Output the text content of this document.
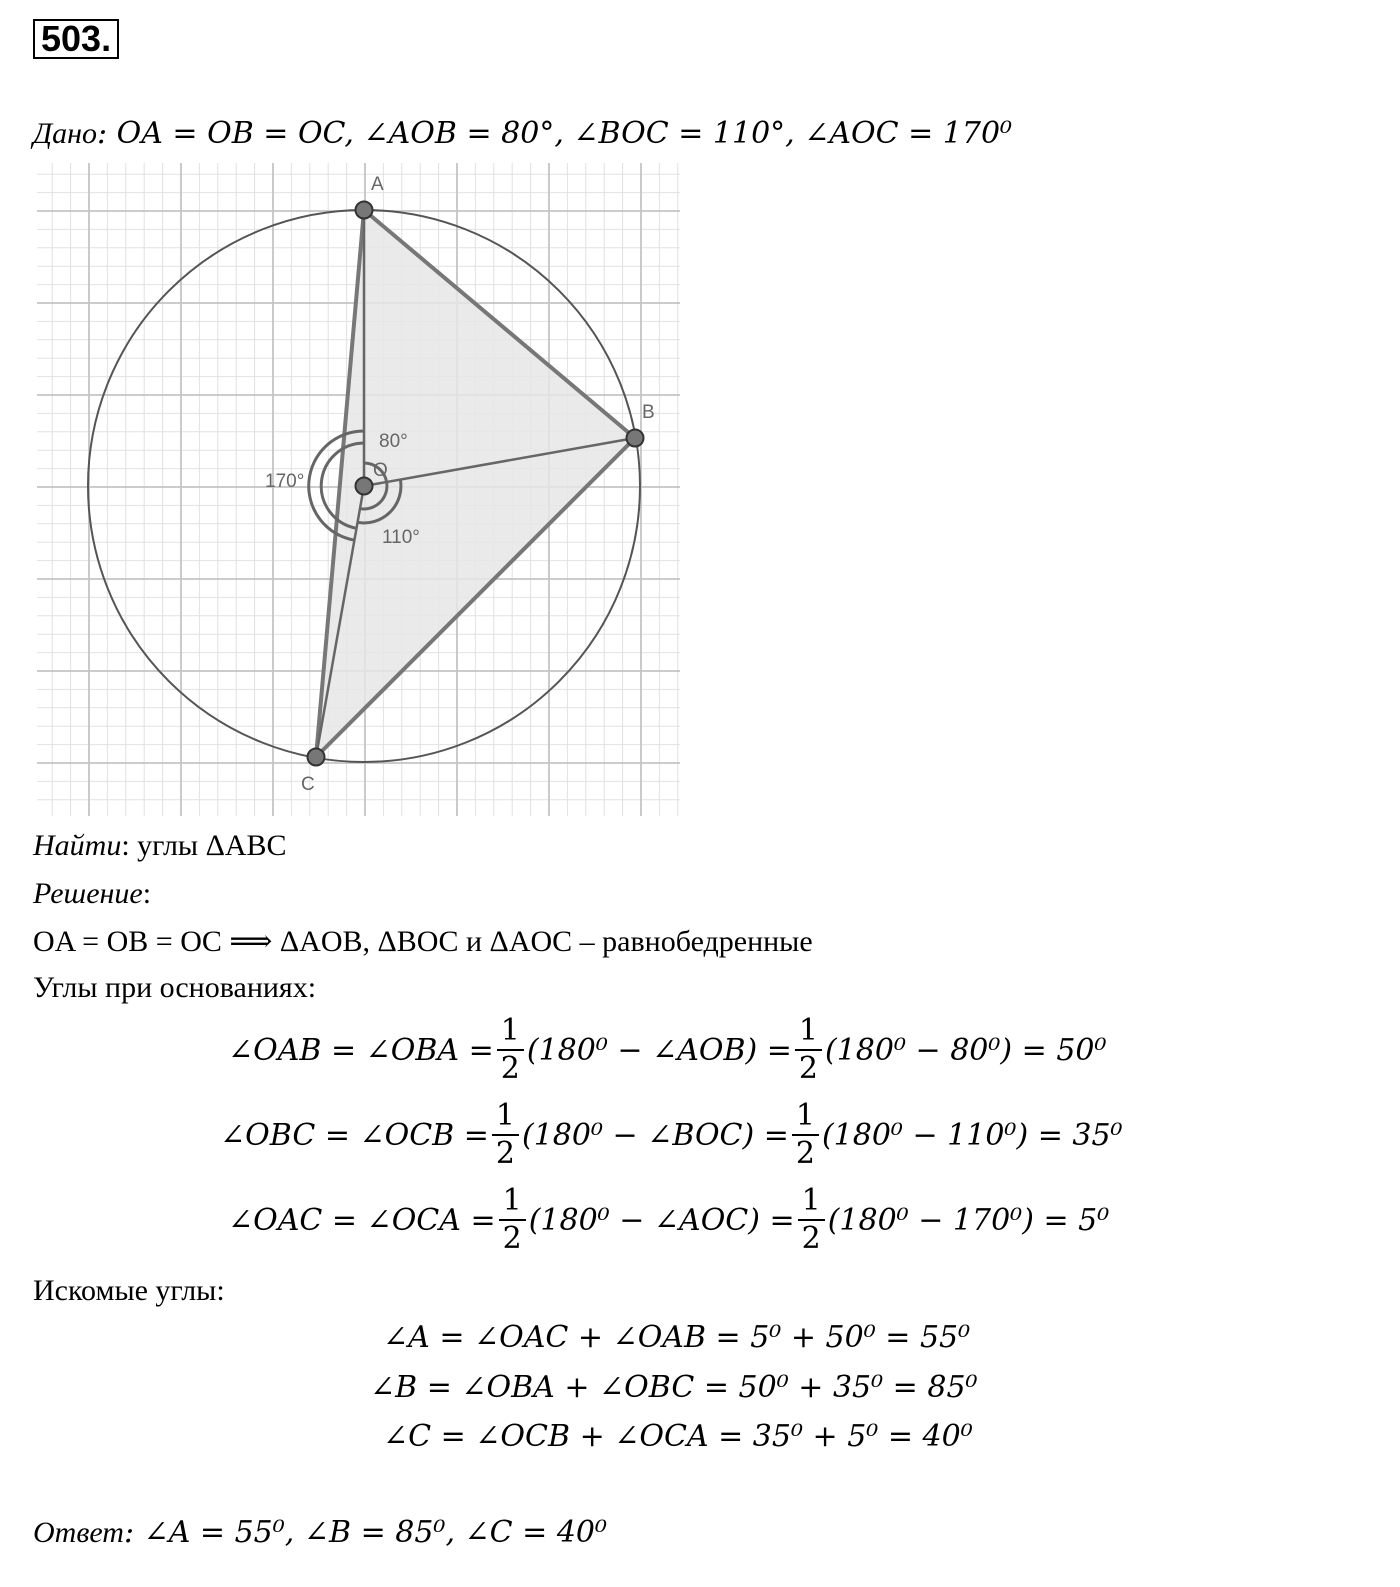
503.
Дано: OA = OB = OC, ∠AOB = 80°, ∠BOC = 110°, ∠AOC = 170⁰
A
B
C
O
80°
110°
170°
Найти: углы ΔABC
Решение:
OA = OB = OC ⟹ ΔAOB, ΔBOC и ΔAOC – равнобедренные
Углы при основаниях:
∠OAB = ∠OBA = $\frac{1}{2} (180^0$ − ∠AOB) = $\frac{1}{2} (180^0 - 80^0) = 50^0$
∠OBC = ∠OCB = $\frac{1}{2} (180^0$ − ∠BOC) = $\frac{1}{2} (180^0 - 110^0) = 35^0$
∠OAC = ∠OCA = $\frac{1}{2} (180^0$ − ∠AOC) = $\frac{1}{2} (180^0 - 170^0) = 5^0$
Искомые углы:
∠A = ∠OAC + ∠OAB = 5⁰ + 50⁰ = 55⁰
∠B = ∠OBA + ∠OBC = 50⁰ + 35⁰ = 85⁰
∠C = ∠OCB + ∠OCA = 35⁰ + 5⁰ = 40⁰
Ответ: ∠A = 55⁰, ∠B = 85⁰, ∠C = 40⁰
